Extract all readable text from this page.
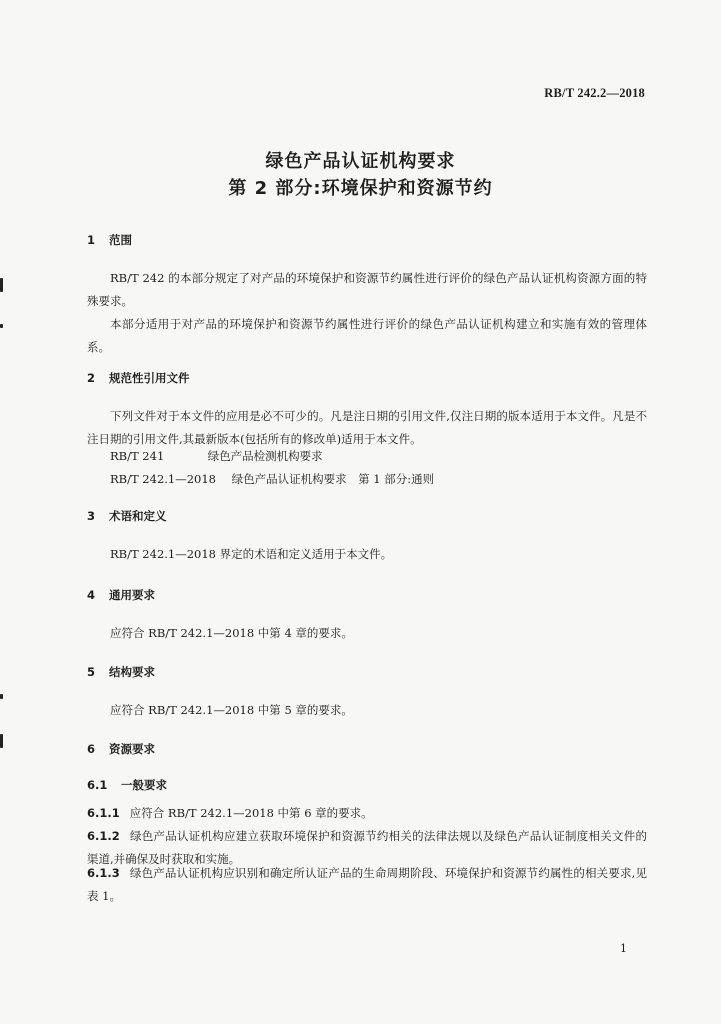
RB/T 242.2—2018
绿色产品认证机构要求
第 2 部分:环境保护和资源节约
1 范围
RB/T 242 的本部分规定了对产品的环境保护和资源节约属性进行评价的绿色产品认证机构资源方面的特殊要求。
本部分适用于对产品的环境保护和资源节约属性进行评价的绿色产品认证机构建立和实施有效的管理体系。
2 规范性引用文件
下列文件对于本文件的应用是必不可少的。凡是注日期的引用文件,仅注日期的版本适用于本文件。凡是不注日期的引用文件,其最新版本(包括所有的修改单)适用于本文件。
RB/T 241	绿色产品检测机构要求
RB/T 242.1—2018 绿色产品认证机构要求　第 1 部分:通则
3 术语和定义
RB/T 242.1—2018 界定的术语和定义适用于本文件。
4 通用要求
应符合 RB/T 242.1—2018 中第 4 章的要求。
5 结构要求
应符合 RB/T 242.1—2018 中第 5 章的要求。
6 资源要求
6.1 一般要求
6.1.1 应符合 RB/T 242.1—2018 中第 6 章的要求。
6.1.2 绿色产品认证机构应建立获取环境保护和资源节约相关的法律法规以及绿色产品认证制度相关文件的渠道,并确保及时获取和实施。
6.1.3 绿色产品认证机构应识别和确定所认证产品的生命周期阶段、环境保护和资源节约属性的相关要求,见表 1。
1
